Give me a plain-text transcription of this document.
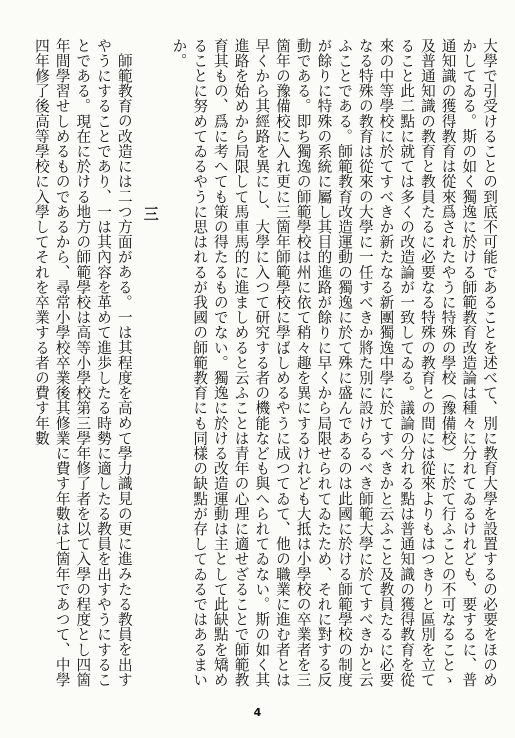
大學で引受けることの到底不可能であることを述べて、別に教育大學を設置するの必要をほのめかしてゐる。斯の如く獨逸に於ける師範教育改造論は種々に分れてゐるけれども、要するに、普通知識の獲得教育は從來爲されたやうに特殊の學校（豫備校）に於て行ふことの不可なることゝ及普通知識の教育と教員たるに必要なる特殊の教育との間には從來よりもはつきりと區別を立てること此二點に就ては多くの改造論が一致してゐる。議論の分れる點は普通知識の獲得教育を從來の中等學校に於てすべきか新たなる新團獨逸中學に於てすべきかと云ふこと及教員たるに必要なる特殊の教育は從來の大學に一任すべきか將た別に設けらるべき師範大學に於てすべきかと云ふことである。師範教育改造運動の獨逸に於て殊に盛んであるのは此國に於ける師範學校の制度が餘りに特殊の系統に屬し其目的進路が餘りに早くから局限せられてゐたため、それに對する反動である。即ち獨逸の師範學校は州に依て稍々趣を異にするけれども大抵は小學校の卒業者を三箇年の豫備校に入れ更に三箇年師範學校に學ばしめるやうに成つてゐて、他の職業に進む者とは早くから其經路を異にし、大學に入つて研究する者の機能なども與へられてゐない。斯の如く其進路を始めから局限して馬車馬的に進ましめると云ふことは青年の心理に適せざることで師範教育其もの、爲に考へても策の得たるものでない。獨逸に於ける改造運動は主として此缺點を矯めることに努めてゐるやうに思はれるが我國の師範教育にも同樣の缺點が存してゐるではあるまいか。

三

師範教育の改造には二つ方面がある。一は其程度を高めて學力識見の更に進みたる教員を出すやうにすることであり、一は其內容を革めて進歩したる時勢に適したる教員を出すやうにすることである。現在に於ける地方の師範學校は高等小學校第三學年修了者を以て入學の程度とし四箇年間學習せしめるものであるから、尋常小學校卒業後其修業に費す年數は七箇年であつて、中學四年修了後高等學校に入學してそれを卒業する者の費す年數

4
